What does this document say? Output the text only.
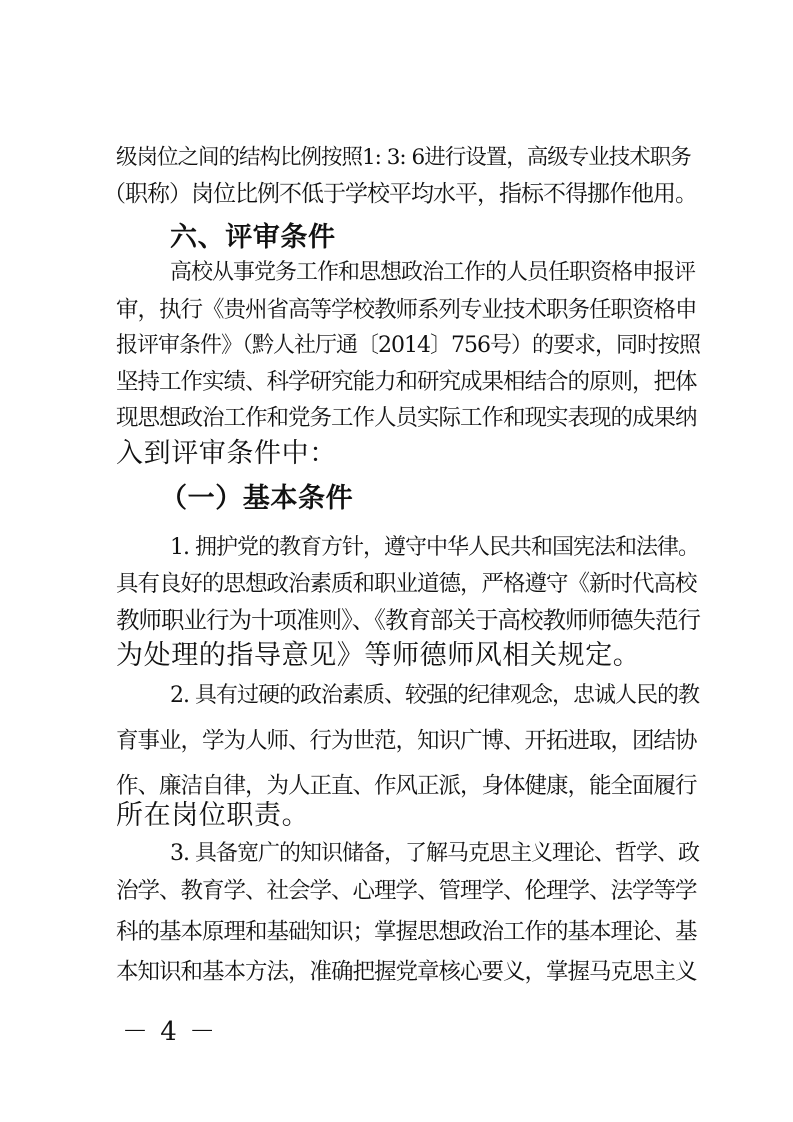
级岗位之间的结构比例按照1: 3: 6进行设置，高级专业技术职务
（职称）岗位比例不低于学校平均水平，指标不得挪作他用。
六、评审条件
高校从事党务工作和思想政治工作的人员任职资格申报评
审，执行《贵州省高等学校教师系列专业技术职务任职资格申
报评审条件》（黔人社厅通〔2014〕756号）的要求，同时按照
坚持工作实绩、科学研究能力和研究成果相结合的原则，把体
现思想政治工作和党务工作人员实际工作和现实表现的成果纳
入到评审条件中：
（一）基本条件
1. 拥护党的教育方针，遵守中华人民共和国宪法和法律。
具有良好的思想政治素质和职业道德，严格遵守《新时代高校
教师职业行为十项准则》、《教育部关于高校教师师德失范行
为处理的指导意见》等师德师风相关规定。
2. 具有过硬的政治素质、较强的纪律观念，忠诚人民的教
育事业，学为人师、行为世范，知识广博、开拓进取，团结协
作、廉洁自律，为人正直、作风正派，身体健康，能全面履行
所在岗位职责。
3. 具备宽广的知识储备，了解马克思主义理论、哲学、政
治学、教育学、社会学、心理学、管理学、伦理学、法学等学
科的基本原理和基础知识；掌握思想政治工作的基本理论、基
本知识和基本方法，准确把握党章核心要义，掌握马克思主义
－ 4 －
